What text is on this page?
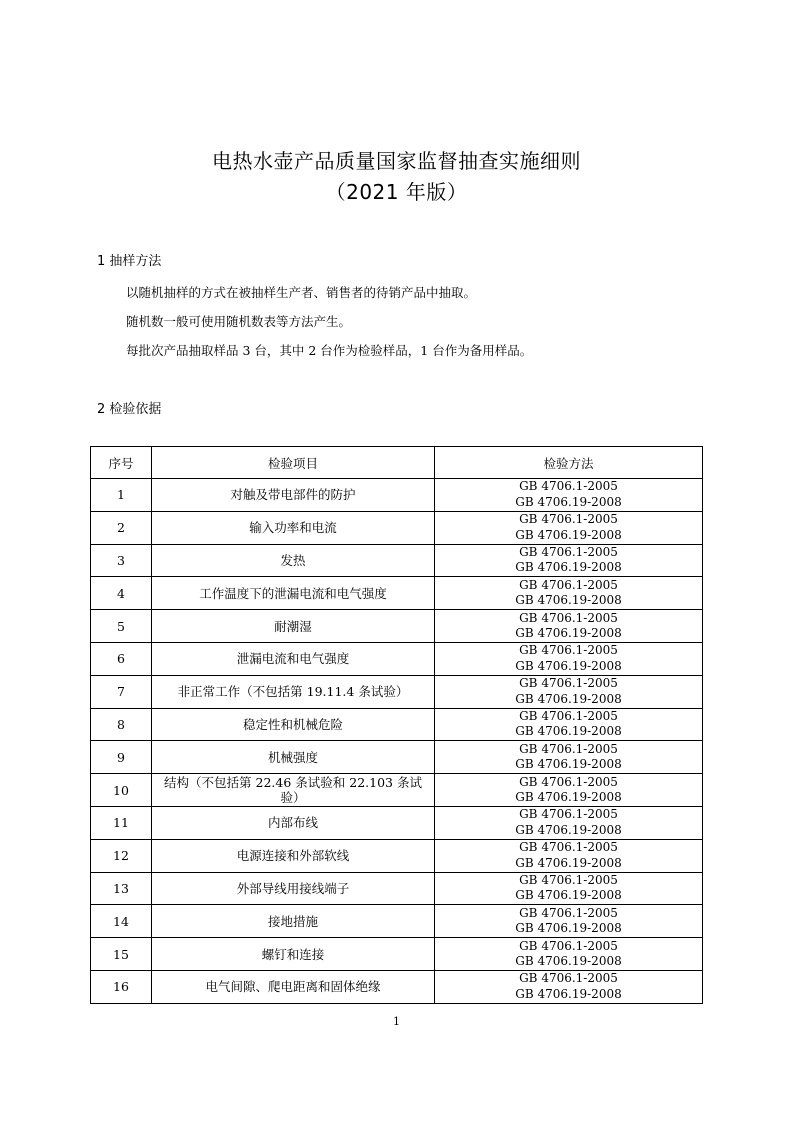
电热水壶产品质量国家监督抽查实施细则
（2021 年版）
1 抽样方法
以随机抽样的方式在被抽样生产者、销售者的待销产品中抽取。
随机数一般可使用随机数表等方法产生。
每批次产品抽取样品 3 台，其中 2 台作为检验样品，1 台作为备用样品。
2 检验依据
序号	检验项目	检验方法
1	对触及带电部件的防护	GB 4706.1-2005
GB 4706.19-2008

2	输入功率和电流	GB 4706.1-2005
GB 4706.19-2008

3	发热	GB 4706.1-2005
GB 4706.19-2008

4	工作温度下的泄漏电流和电气强度	GB 4706.1-2005
GB 4706.19-2008

5	耐潮湿	GB 4706.1-2005
GB 4706.19-2008

6	泄漏电流和电气强度	GB 4706.1-2005
GB 4706.19-2008

7	非正常工作（不包括第 19.11.4 条试验）	GB 4706.1-2005
GB 4706.19-2008

8	稳定性和机械危险	GB 4706.1-2005
GB 4706.19-2008

9	机械强度	GB 4706.1-2005
GB 4706.19-2008

10	结构（不包括第 22.46 条试验和 22.103 条试验）	GB 4706.1-2005
GB 4706.19-2008

11	内部布线	GB 4706.1-2005
GB 4706.19-2008

12	电源连接和外部软线	GB 4706.1-2005
GB 4706.19-2008

13	外部导线用接线端子	GB 4706.1-2005
GB 4706.19-2008

14	接地措施	GB 4706.1-2005
GB 4706.19-2008

15	螺钉和连接	GB 4706.1-2005
GB 4706.19-2008

16	电气间隙、爬电距离和固体绝缘	GB 4706.1-2005
GB 4706.19-2008
1
